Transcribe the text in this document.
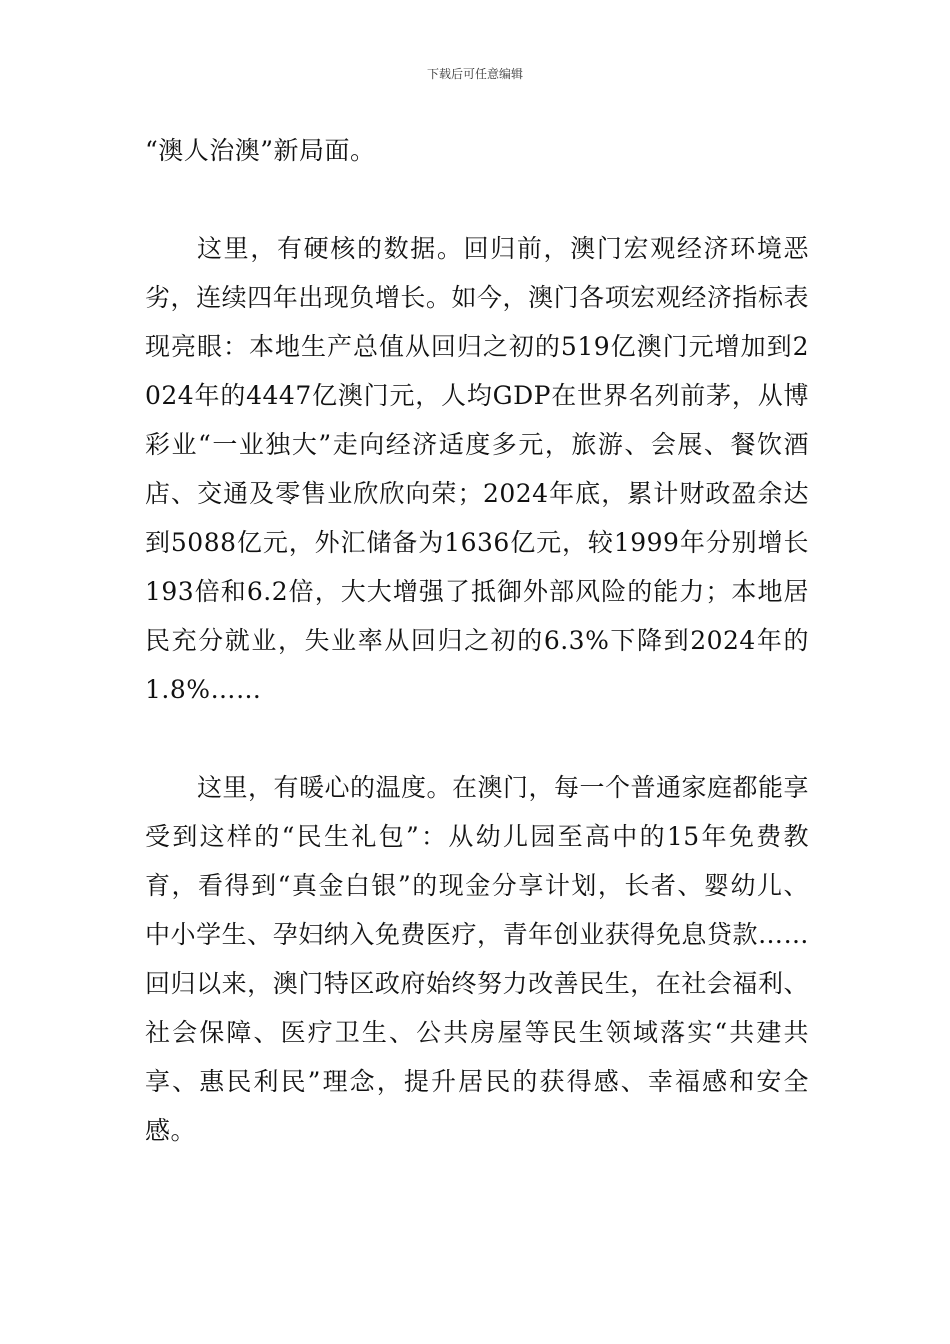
下载后可任意编辑

“澳人治澳”新局面。

这里，有硬核的数据。回归前，澳门宏观经济环境恶劣，连续四年出现负增长。如今，澳门各项宏观经济指标表现亮眼：本地生产总值从回归之初的519亿澳门元增加到2024年的4447亿澳门元，人均GDP在世界名列前茅，从博彩业“一业独大”走向经济适度多元，旅游、会展、餐饮酒店、交通及零售业欣欣向荣；2024年底，累计财政盈余达到5088亿元，外汇储备为1636亿元，较1999年分别增长193倍和6.2倍，大大增强了抵御外部风险的能力；本地居民充分就业，失业率从回归之初的6.3%下降到2024年的1.8%……

这里，有暖心的温度。在澳门，每一个普通家庭都能享受到这样的“民生礼包”：从幼儿园至高中的15年免费教育，看得到“真金白银”的现金分享计划，长者、婴幼儿、中小学生、孕妇纳入免费医疗，青年创业获得免息贷款……回归以来，澳门特区政府始终努力改善民生，在社会福利、社会保障、医疗卫生、公共房屋等民生领域落实“共建共享、惠民利民”理念，提升居民的获得感、幸福感和安全感。
